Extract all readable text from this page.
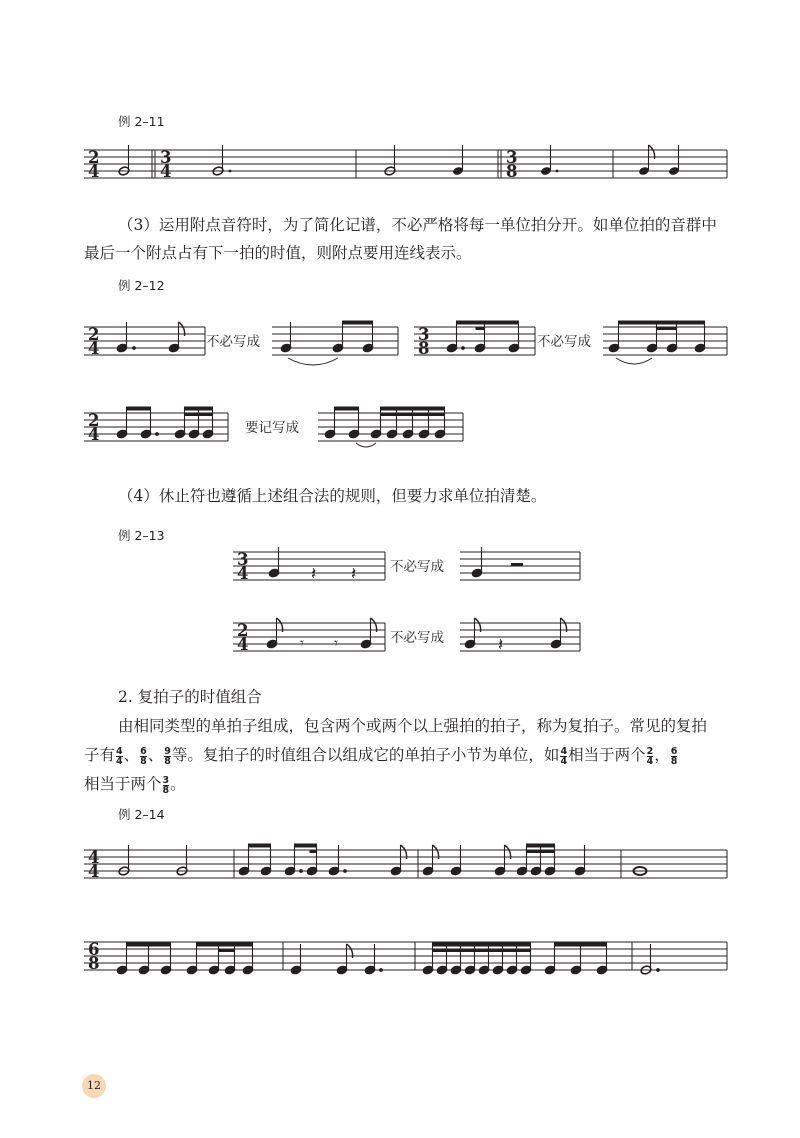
例 2–11
例 2–12
例 2–13
例 2–14
（3）运用附点音符时，为了简化记谱，不必严格将每一单位拍分开。如单位拍的音群中
最后一个附点占有下一拍的时值，则附点要用连线表示。
（4）休止符也遵循上述组合法的规则，但要力求单位拍清楚。
2. 复拍子的时值组合
由相同类型的单拍子组成，包含两个或两个以上强拍的拍子，称为复拍子。常见的复拍
子有 $\frac{4}{4}$ 、 $\frac{6}{8}$ 、 $\frac{9}{8}$ 等。复拍子的时值组合以组成它的单拍子小节为单位，如 $\frac{4}{4}$ 相当于两个 $\frac{2}{4}$ ， $\frac{6}{8}$
相当于两个 $\frac{3}{8}$ 。
2
4
3
4
3
8
2
4	不必写成	3
8	不必写成
2
4	要记写成
3
4	𝄽 𝄽	不必写成
2
4	𝄾 𝄾	不必写成	𝄽
4
4
6
8
12
